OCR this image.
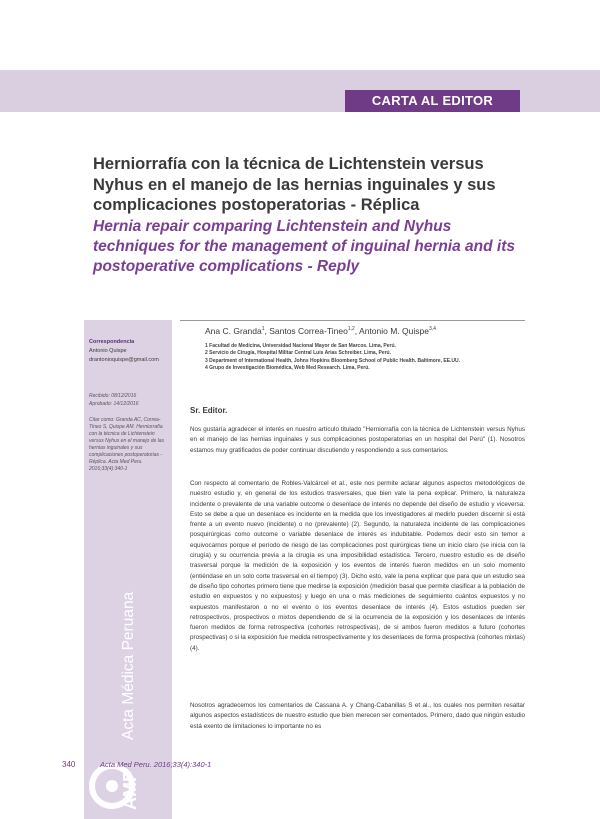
CARTA AL EDITOR
Herniorrafía con la técnica de Lichtenstein versus Nyhus en el manejo de las hernias inguinales y sus complicaciones postoperatorias - Réplica
Hernia repair comparing Lichtenstein and Nyhus techniques for the management of inguinal hernia and its postoperative complications - Reply
Correspondencia
Antonio Quispe
drantonioquispe@gmail.com
Recibido: 08/12/2016
Aprobado: 14/12/2016
Citar como: Granda AC, Correa-Tineo S, Quispe AM. Herniorrafía con la técnica de Lichtenstein versus Nyhus en el manejo de las hernias inguinales y sus complicaciones postoperatorias - Réplica. Acta Med Peru. 2016;33(4):340-1
Acta Médica Peruana
AMP
Ana C. Granda$^1$, Santos Correa-Tineo$^{1,2}$, Antonio M. Quispe$^{3,4}$
1 Facultad de Medicina, Universidad Nacional Mayor de San Marcos. Lima, Perú.
2 Servicio de Cirugía, Hospital Militar Central Luis Arias Schreiber. Lima, Perú.
3 Department of International Health, Johns Hopkins Bloomberg School of Public Health. Baltimore, EE.UU.
4 Grupo de Investigación Biomédica, Web Med Research. Lima, Perú.
Sr. Editor.

Nos gustaría agradecer el interés en nuestro artículo titulado "Herniorrafía con la técnica de Lichtenstein versus Nyhus en el manejo de las hernias inguinales y sus complicaciones postoperatorias en un hospital del Perú" (1). Nosotros estamos muy gratificados de poder continuar discutiendo y respondiendo a sus comentarios.

Con respecto al comentario de Robles-Valcárcel et al., este nos permite aclarar algunos aspectos metodológicos de nuestro estudio y, en general de los estudios trasversales, que bien vale la pena explicar. Primero, la naturaleza incidente o prevalente de una variable outcome o desenlace de interés no depende del diseño de estudio y viceversa. Esto se debe a que un desenlace es incidente en la medida que los investigadores al medirlo pueden discernir si está frente a un evento nuevo (incidente) o no (prevalente) (2). Segundo, la naturaleza incidente de las complicaciones posquirúrgicas como outcome o variable desenlace de interés es indubitable. Podemos decir esto sin temor a equivocarnos porque el período de riesgo de las complicaciones post quirúrgicas tiene un inicio claro (se inicia con la cirugía) y su ocurrencia previa a la cirugía es una imposibilidad estadística. Tercero, nuestro estudio es de diseño trasversal porque la medición de la exposición y los eventos de interés fueron medidos en un solo momento (entiéndase en un solo corte trasversal en el tiempo) (3). Dicho esto, vale la pena explicar que para que un estudio sea de diseño tipo cohortes primero tiene que medirse la exposición (medición basal que permite clasificar a la población de estudio en expuestos y no expuestos) y luego en una o más mediciones de seguimiento cuántos expuestos y no expuestos manifestaron o no el evento o los eventos desenlace de interés (4). Estos estudios pueden ser retrospectivos, prospectivos o mixtos dependiendo de si la ocurrencia de la exposición y los desenlaces de interés fueron medidos de forma retrospectiva (cohortes retrospectivas), de si ambos fueron medidos a futuro (cohortes prospectivas) o si la exposición fue medida retrospectivamente y los desenlaces de forma prospectiva (cohortes mixtas) (4).

Nosotros agradecemos los comentarios de Cassana A. y Chang-Cabanillas S et al., los cuales nos permiten resaltar algunos aspectos estadísticos de nuestro estudio que bien merecen ser comentados. Primero, dado que ningún estudio está exento de limitaciones lo importante no es

340	Acta Med Peru. 2016;33(4):340-1
